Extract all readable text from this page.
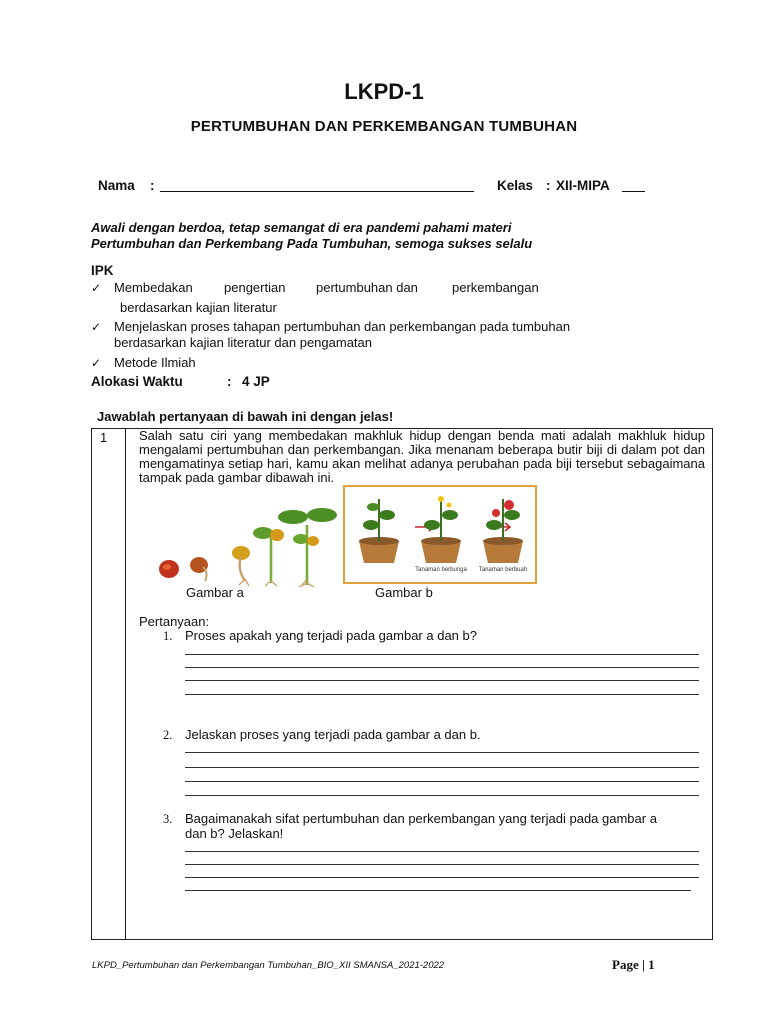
LKPD-1
PERTUMBUHAN DAN PERKEMBANGAN TUMBUHAN
Nama :	Kelas : XII-MIPA
Awali dengan berdoa, tetap semangat di era pandemi pahami materi
Pertumbuhan dan Perkembang Pada Tumbuhan, semoga sukses selalu
IPK
✓ Membedakan pengertian pertumbuhan dan	perkembangan
berdasarkan kajian literatur
✓ Menjelaskan proses tahapan pertumbuhan dan perkembangan pada tumbuhan
berdasarkan kajian literatur dan pengamatan
✓ Metode Ilmiah
Alokasi Waktu	: 4 JP
Jawablah pertanyaan di bawah ini dengan jelas!
1 Salah satu ciri yang membedakan makhluk hidup dengan benda mati adalah makhluk hidup mengalami pertumbuhan dan perkembangan. Jika menanam beberapa butir biji di dalam pot dan mengamatinya setiap hari, kamu akan melihat adanya perubahan pada biji tersebut sebagaimana tampak pada gambar dibawah ini.
Tanaman berbunga Tanaman berbuah
Gambar a	Gambar b
Pertanyaan:
1. Proses apakah yang terjadi pada gambar a dan b?
2. Jelaskan proses yang terjadi pada gambar a dan b.
3. Bagaimanakah sifat pertumbuhan dan perkembangan yang terjadi pada gambar a
dan b? Jelaskan!
LKPD_Pertumbuhan dan Perkembangan Tumbuhan_BIO_XII SMANSA_2021-2022	Page | 1
